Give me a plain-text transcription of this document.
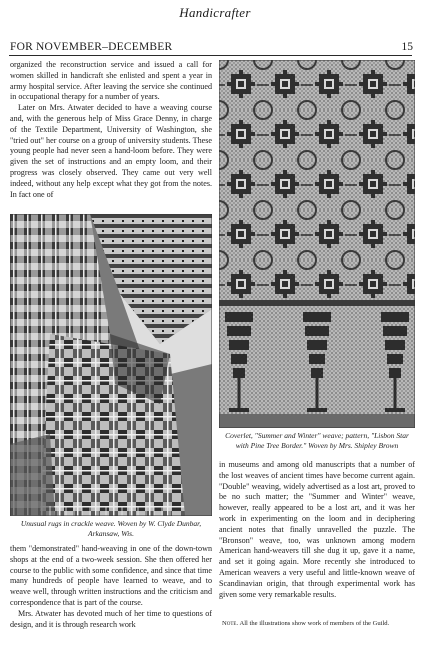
Handicrafter
FOR NOVEMBER–DECEMBER	15

organized the reconstruction service and issued a call for women skilled in handicraft she enlisted and spent a year in army hospital service. After leaving the service she continued in occupational therapy for a number of years.

Later on Mrs. Atwater decided to have a weaving course and, with the generous help of Miss Grace Denny, in charge of the Textile Department, University of Washington, she "tried out" her course on a group of university students. These young people had never seen a hand-loom before. They were given the set of instructions and an empty loom, and their progress was closely observed. They came out very well indeed, without any help except what they got from the notes. In fact one of

Unusual rugs in crackle weave. Woven by W. Clyde Dunbar, Arkansaw, Wis.

them "demonstrated" hand-weaving in one of the down-town shops at the end of a two-week session. She then offered her course to the public with some confidence, and since that time many hundreds of people have learned to weave, and to weave well, through written instructions and the criticism and correspondence that is part of the course.

Mrs. Atwater has devoted much of her time to questions of design, and it is through research work

Coverlet, "Summer and Winter" weave; pattern, "Lisbon Star with Pine Tree Border." Woven by Mrs. Shipley Brown

in museums and among old manuscripts that a number of the lost weaves of ancient times have become current again. "Double" weaving, widely advertised as a lost art, proved to be no such matter; the "Summer and Winter" weave, however, really appeared to be a lost art, and it was her work in experimenting on the loom and in deciphering ancient notes that finally unravelled the puzzle. The "Bronson" weave, too, was unknown among modern American hand-weavers till she dug it up, gave it a name, and set it going again. More recently she introduced to American weavers a very useful and little-known weave of Scandinavian origin, that through experimental work has given some very remarkable results.

Note. All the illustrations show work of members of the Guild.
